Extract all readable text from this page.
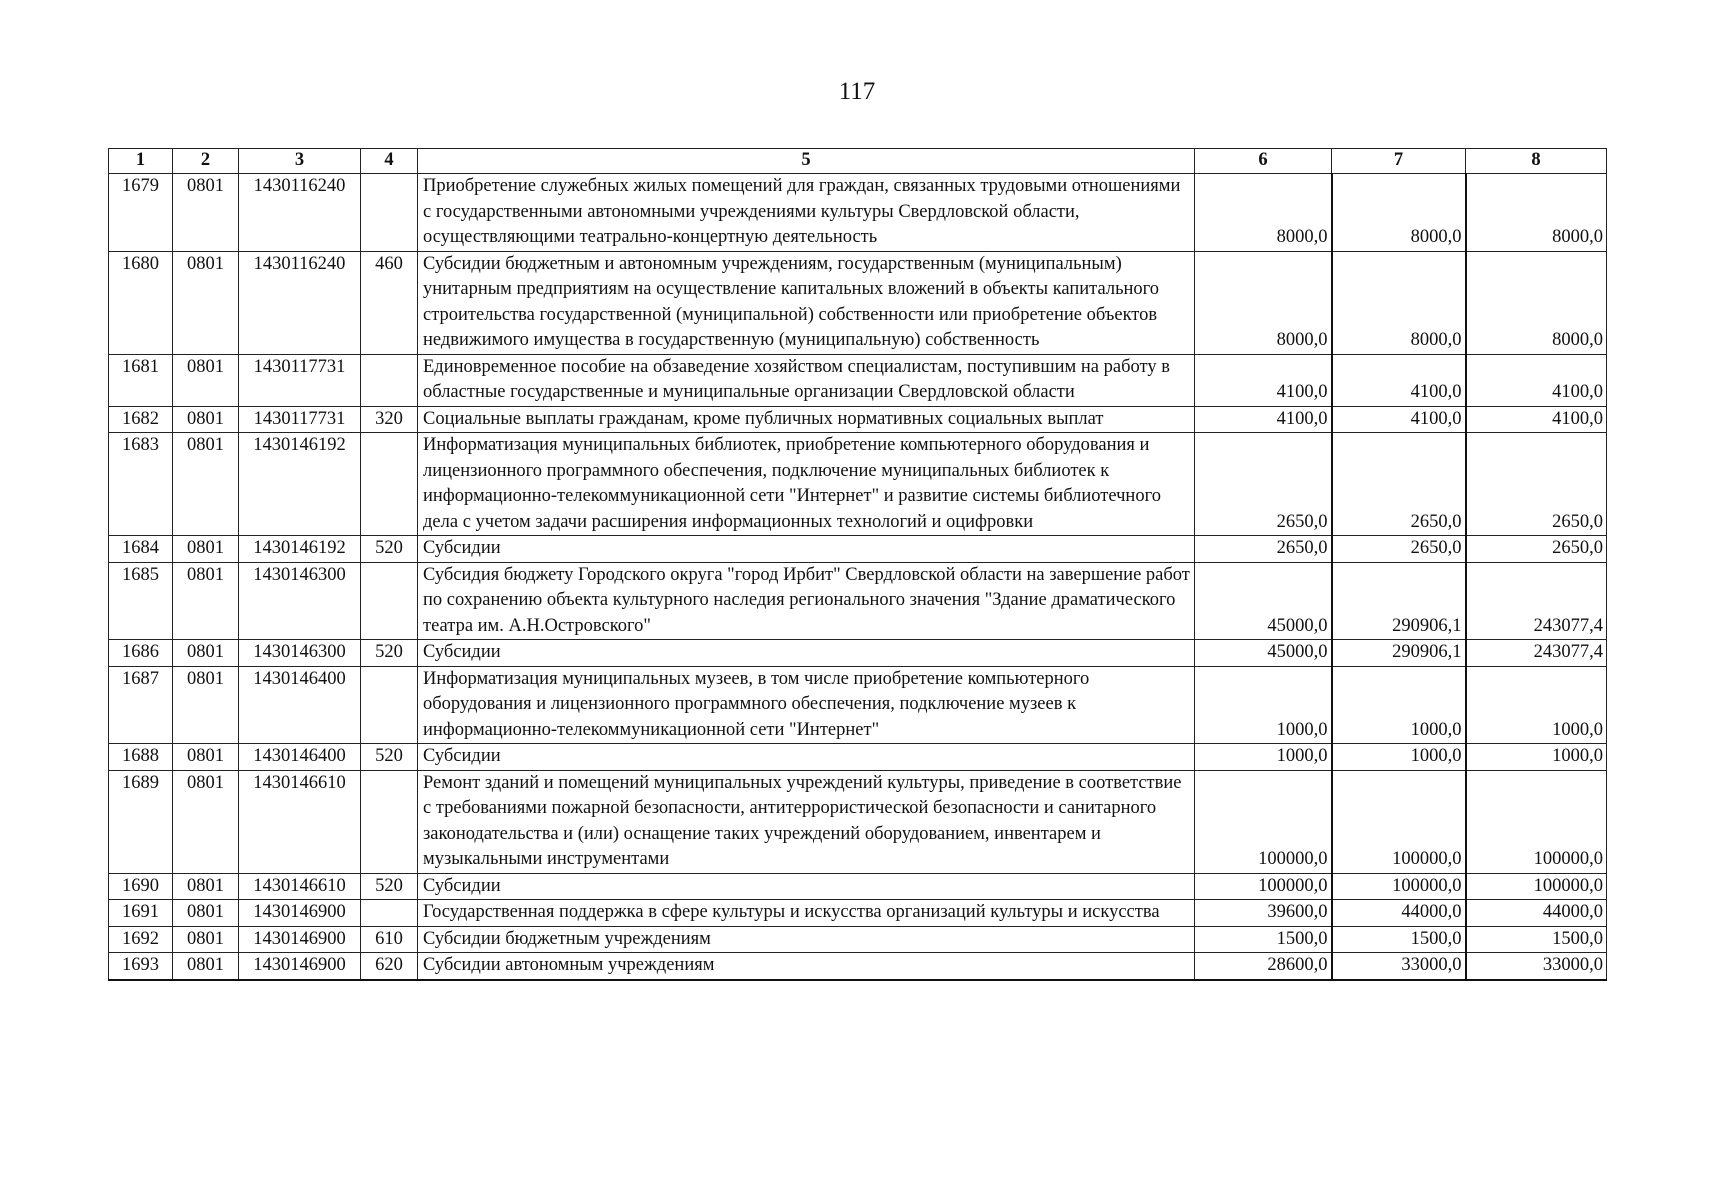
117
1	2	3	4	5	6	7	8
1679	0801	1430116240		Приобретение служебных жилых помещений для граждан, связанных трудовыми отношениями с государственными автономными учреждениями культуры Свердловской области, осуществляющими театрально-концертную деятельность	8000,0	8000,0	8000,0
1680	0801	1430116240	460	Субсидии бюджетным и автономным учреждениям, государственным (муниципальным) унитарным предприятиям на осуществление капитальных вложений в объекты капитального строительства государственной (муниципальной) собственности или приобретение объектов недвижимого имущества в государственную (муниципальную) собственность	8000,0	8000,0	8000,0
1681	0801	1430117731		Единовременное пособие на обзаведение хозяйством специалистам, поступившим на работу в областные государственные и муниципальные организации Свердловской области	4100,0	4100,0	4100,0
1682	0801	1430117731	320	Социальные выплаты гражданам, кроме публичных нормативных социальных выплат	4100,0	4100,0	4100,0
1683	0801	1430146192		Информатизация муниципальных библиотек, приобретение компьютерного оборудования и лицензионного программного обеспечения, подключение муниципальных библиотек к информационно-телекоммуникационной сети "Интернет" и развитие системы библиотечного дела с учетом задачи расширения информационных технологий и оцифровки	2650,0	2650,0	2650,0
1684	0801	1430146192	520	Субсидии	2650,0	2650,0	2650,0
1685	0801	1430146300		Субсидия бюджету Городского округа "город Ирбит" Свердловской области на завершение работ по сохранению объекта культурного наследия регионального значения "Здание драматического театра им. А.Н.Островского"	45000,0	290906,1	243077,4
1686	0801	1430146300	520	Субсидии	45000,0	290906,1	243077,4
1687	0801	1430146400		Информатизация муниципальных музеев, в том числе приобретение компьютерного оборудования и лицензионного программного обеспечения, подключение музеев к информационно-телекоммуникационной сети "Интернет"	1000,0	1000,0	1000,0
1688	0801	1430146400	520	Субсидии	1000,0	1000,0	1000,0
1689	0801	1430146610		Ремонт зданий и помещений муниципальных учреждений культуры, приведение в соответствие с требованиями пожарной безопасности, антитеррористической безопасности и санитарного законодательства и (или) оснащение таких учреждений оборудованием, инвентарем и музыкальными инструментами	100000,0	100000,0	100000,0
1690	0801	1430146610	520	Субсидии	100000,0	100000,0	100000,0
1691	0801	1430146900		Государственная поддержка в сфере культуры и искусства организаций культуры и искусства	39600,0	44000,0	44000,0
1692	0801	1430146900	610	Субсидии бюджетным учреждениям	1500,0	1500,0	1500,0
1693	0801	1430146900	620	Субсидии автономным учреждениям	28600,0	33000,0	33000,0
